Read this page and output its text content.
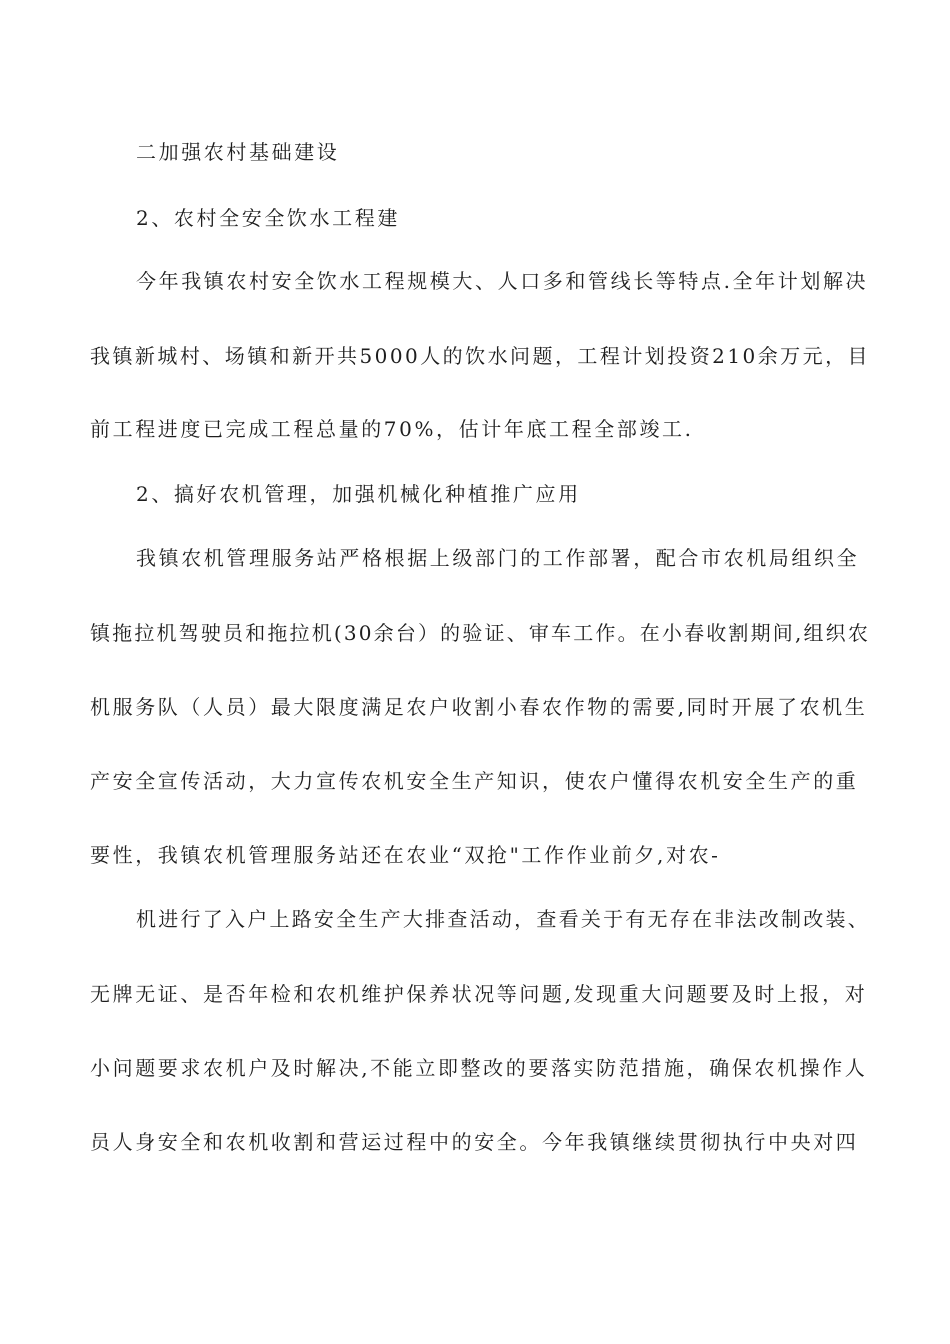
二加强农村基础建设
2、农村全安全饮水工程建
今年我镇农村安全饮水工程规模大、人口多和管线长等特点.全年计划解决
我镇新城村、场镇和新开共5000人的饮水问题，工程计划投资210余万元，目
前工程进度已完成工程总量的70%，估计年底工程全部竣工.
2、搞好农机管理，加强机械化种植推广应用
我镇农机管理服务站严格根据上级部门的工作部署，配合市农机局组织全
镇拖拉机驾驶员和拖拉机(30余台）的验证、审车工作。在小春收割期间,组织农
机服务队（人员）最大限度满足农户收割小春农作物的需要,同时开展了农机生
产安全宣传活动，大力宣传农机安全生产知识，使农户懂得农机安全生产的重
要性，我镇农机管理服务站还在农业“双抢"工作作业前夕,对农-
机进行了入户上路安全生产大排查活动，查看关于有无存在非法改制改装、
无牌无证、是否年检和农机维护保养状况等问题,发现重大问题要及时上报，对
小问题要求农机户及时解决,不能立即整改的要落实防范措施，确保农机操作人
员人身安全和农机收割和营运过程中的安全。今年我镇继续贯彻执行中央对四
